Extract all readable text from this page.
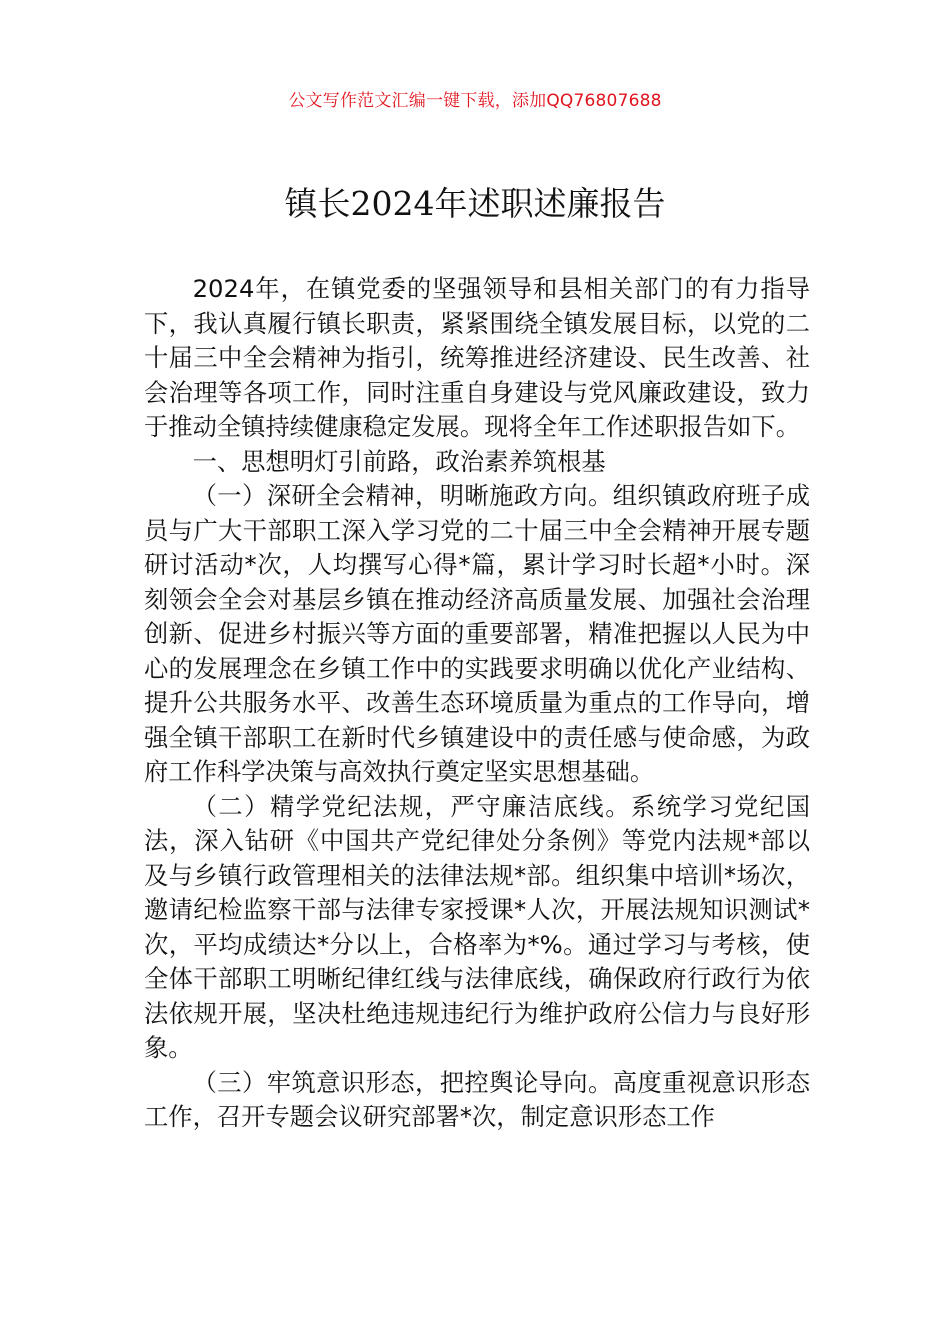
公文写作范文汇编一键下载，添加QQ76807688
镇长2024年述职述廉报告

2024年，在镇党委的坚强领导和县相关部门的有力指导下，我认真履行镇长职责，紧紧围绕全镇发展目标，以党的二十届三中全会精神为指引，统筹推进经济建设、民生改善、社会治理等各项工作，同时注重自身建设与党风廉政建设，致力于推动全镇持续健康稳定发展。现将全年工作述职报告如下。

一、思想明灯引前路，政治素养筑根基

（一）深研全会精神，明晰施政方向。组织镇政府班子成员与广大干部职工深入学习党的二十届三中全会精神开展专题研讨活动*次，人均撰写心得*篇，累计学习时长超*小时。深刻领会全会对基层乡镇在推动经济高质量发展、加强社会治理创新、促进乡村振兴等方面的重要部署，精准把握以人民为中心的发展理念在乡镇工作中的实践要求明确以优化产业结构、提升公共服务水平、改善生态环境质量为重点的工作导向，增强全镇干部职工在新时代乡镇建设中的责任感与使命感，为政府工作科学决策与高效执行奠定坚实思想基础。

（二）精学党纪法规，严守廉洁底线。系统学习党纪国法，深入钻研《中国共产党纪律处分条例》等党内法规*部以及与乡镇行政管理相关的法律法规*部。组织集中培训*场次，邀请纪检监察干部与法律专家授课*人次，开展法规知识测试*次，平均成绩达*分以上，合格率为*%。通过学习与考核，使全体干部职工明晰纪律红线与法律底线，确保政府行政行为依法依规开展，坚决杜绝违规违纪行为维护政府公信力与良好形象。

（三）牢筑意识形态，把控舆论导向。高度重视意识形态工作，召开专题会议研究部署*次，制定意识形态工作
